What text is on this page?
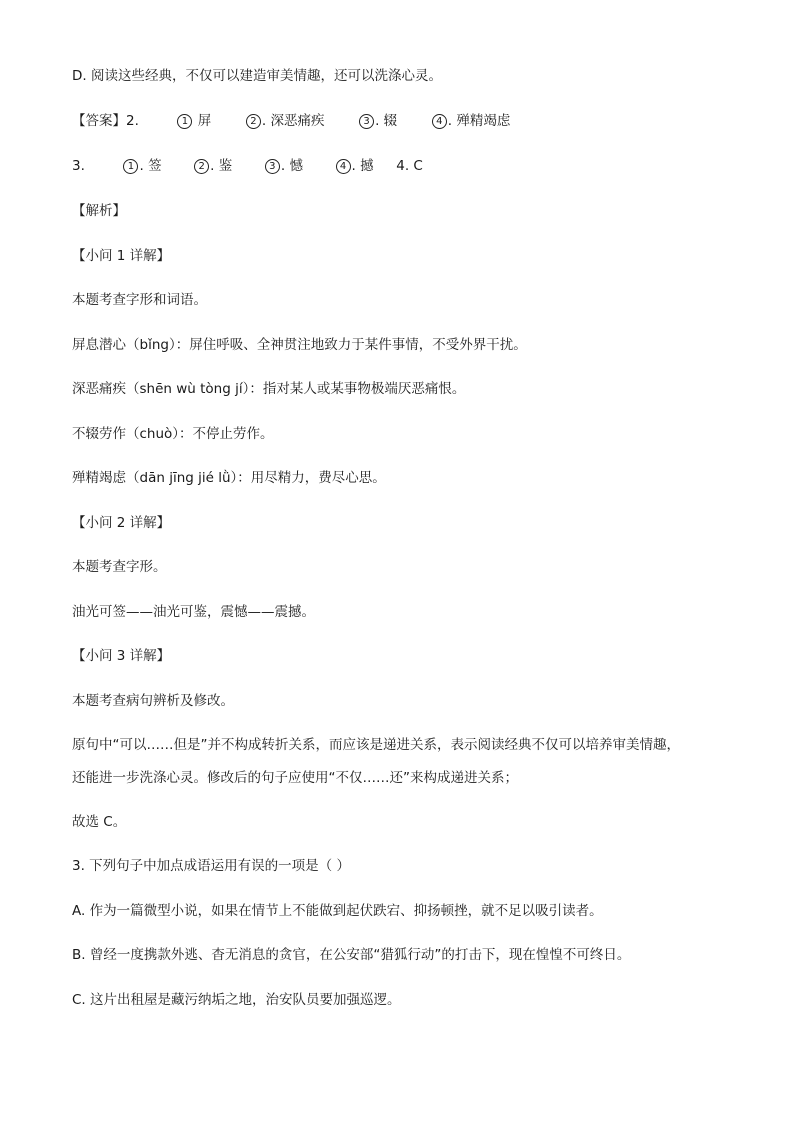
D. 阅读这些经典，不仅可以建造审美情趣，还可以洗涤心灵。
【答案】2.	1 屏	2 . 深恶痛疾	3 . 辍	4 . 殚精竭虑
3.	1 . 签	2 . 鉴	3 . 憾	4 . 撼 4. C
【解析】
【小问 1 详解】
本题考查字形和词语。
屏息潜心（bǐng）：屏住呼吸、全神贯注地致力于某件事情，不受外界干扰。
深恶痛疾（shēn wù tòng jí）：指对某人或某事物极端厌恶痛恨。
不辍劳作（chuò）：不停止劳作。
殚精竭虑（dān jīng jié lǜ）：用尽精力，费尽心思。
【小问 2 详解】
本题考查字形。
油光可签——油光可鉴，震憾——震撼。
【小问 3 详解】
本题考查病句辨析及修改。
原句中“可以……但是”并不构成转折关系，而应该是递进关系，表示阅读经典不仅可以培养审美情趣，
还能进一步洗涤心灵。修改后的句子应使用“不仅……还”来构成递进关系；
故选 C。
3. 下列句子中加点成语运用有误的一项是（ ）
A. 作为一篇微型小说，如果在情节上不能做到起伏跌宕、抑扬顿挫，就不足以吸引读者。
B. 曾经一度携款外逃、杳无消息的贪官，在公安部“猎狐行动”的打击下，现在惶惶不可终日。
C. 这片出租屋是藏污纳垢之地，治安队员要加强巡逻。
